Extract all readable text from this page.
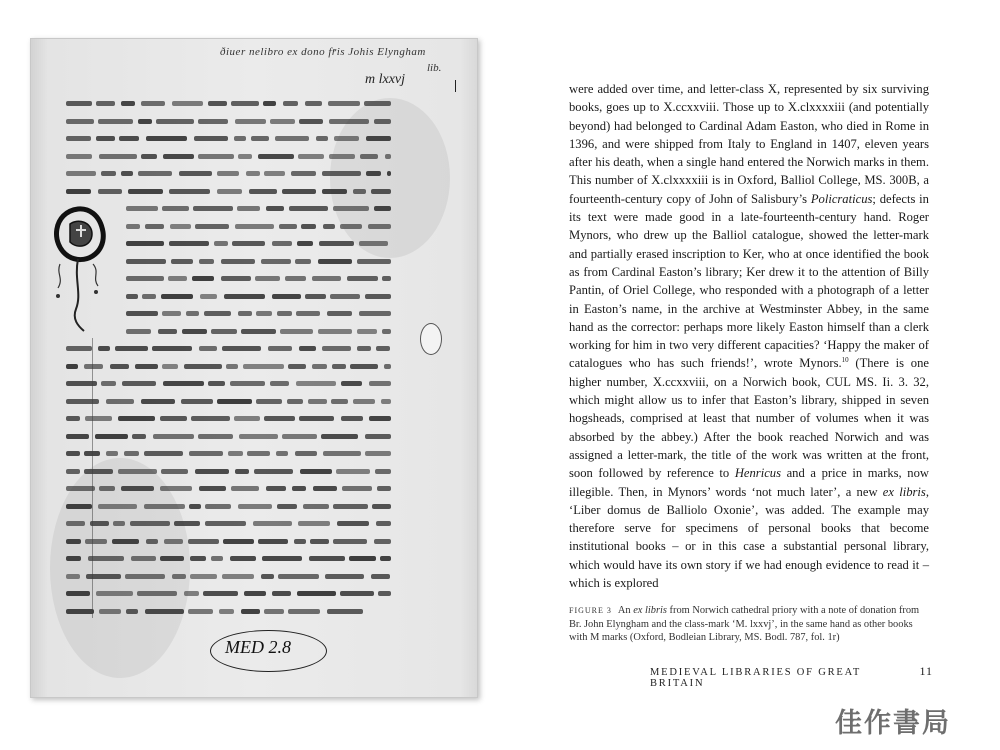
ðiuer nelibro ex dono fr̄is Johis Elyngham
lib.
m lxxvj
MED 2.8

were added over time, and letter-class X, represented by six surviving books, goes up to X.ccxxviii. Those up to X.clxxxxiii (and potentially beyond) had belonged to Cardinal Adam Easton, who died in Rome in 1396, and were shipped from Italy to England in 1407, eleven years after his death, when a single hand entered the Norwich marks in them. This number of X.clxxxxiii is in Oxford, Balliol College, MS. 300B, a fourteenth-century copy of John of Salisbury’s Policraticus; defects in its text were made good in a late-fourteenth-century hand. Roger Mynors, who drew up the Balliol catalogue, showed the letter-mark and partially erased inscription to Ker, who at once identified the book as from Cardinal Easton’s library; Ker drew it to the attention of Billy Pantin, of Oriel College, who responded with a photograph of a letter in Easton’s name, in the archive at Westminster Abbey, in the same hand as the corrector: perhaps more likely Easton himself than a clerk working for him in two very different capacities? ‘Happy the maker of catalogues who has such friends!’, wrote Mynors.$^{10}$ (There is one higher number, X.ccxxviii, on a Norwich book, CUL MS. Ii. 3. 32, which might allow us to infer that Easton’s library, shipped in seven hogsheads, comprised at least that number of volumes when it was absorbed by the abbey.) After the book reached Norwich and was assigned a letter-mark, the title of the work was written at the front, soon followed by reference to Henricus and a price in marks, now illegible. Then, in Mynors’ words ‘not much later’, a new ex libris, ‘Liber domus de Balliolo Oxonie’, was added. The example may therefore serve for specimens of personal books that become institutional books – or in this case a substantial personal library, which would have its own story if we had enough evidence to read it – which is explored

FIGURE 3 An ex libris from Norwich cathedral priory with a note of donation from Br. John Elyngham and the class-mark ‘M. lxxvj’, in the same hand as other books with M marks (Oxford, Bodleian Library, MS. Bodl. 787, fol. 1r)
MEDIEVAL LIBRARIES OF GREAT BRITAIN
11
佳作書局
